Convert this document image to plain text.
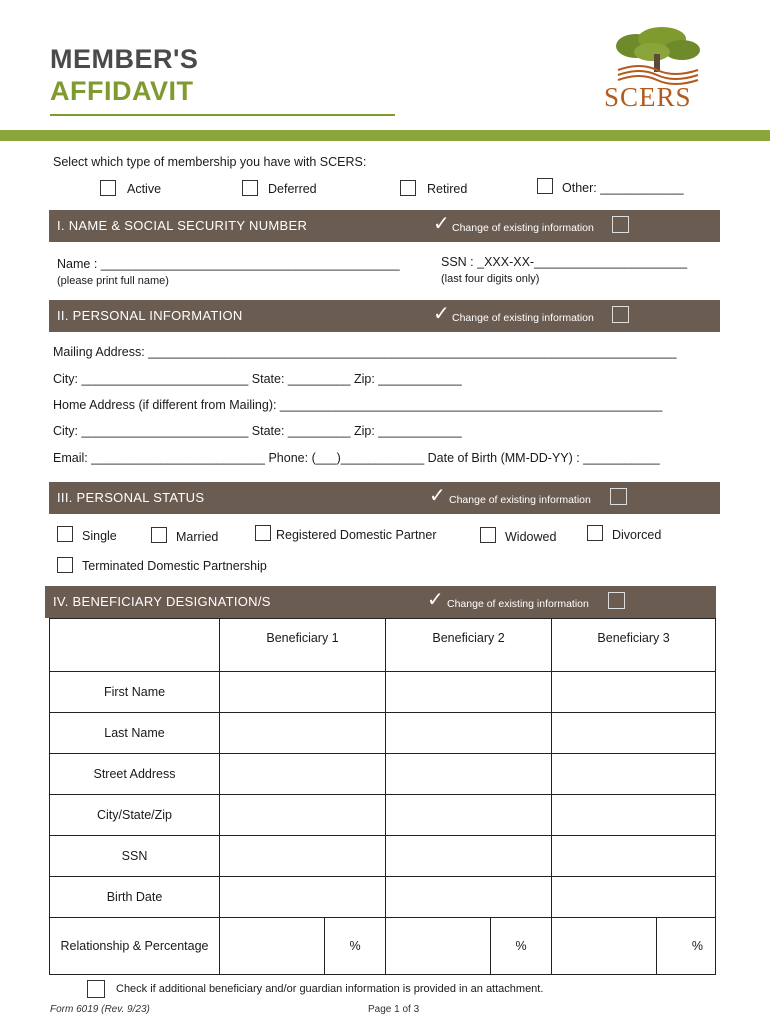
MEMBER'S
AFFIDAVIT	SCERS
Select which type of membership you have with SCERS:
Active	Deferred	Retired	Other: ____________
I. NAME & SOCIAL SECURITY NUMBER	✓ Change of existing information
Name : ___________________________________________
(please print full name)
SSN : _XXX-XX-______________________
(last four digits only)
II. PERSONAL INFORMATION	✓ Change of existing information
Mailing Address: ____________________________________________________________________________
City: ________________________ State: _________ Zip: ____________
Home Address (if different from Mailing): _______________________________________________________
City: ________________________ State: _________ Zip: ____________
Email: _________________________ Phone: (___)____________ Date of Birth (MM-DD-YY) : ___________
III. PERSONAL STATUS	✓ Change of existing information
Single	Married	Registered Domestic Partner	Widowed	Divorced
Terminated Domestic Partnership
IV. BENEFICIARY DESIGNATION/S	✓ Change of existing information
	Beneficiary 1		Beneficiary 2		Beneficiary 3	
First Name						
Last Name						
Street Address						
City/State/Zip						
SSN						
Birth Date						
Relationship & Percentage		%		%		%
Check if additional beneficiary and/or guardian information is provided in an attachment.
Form 6019 (Rev. 9/23)	Page 1 of 3
